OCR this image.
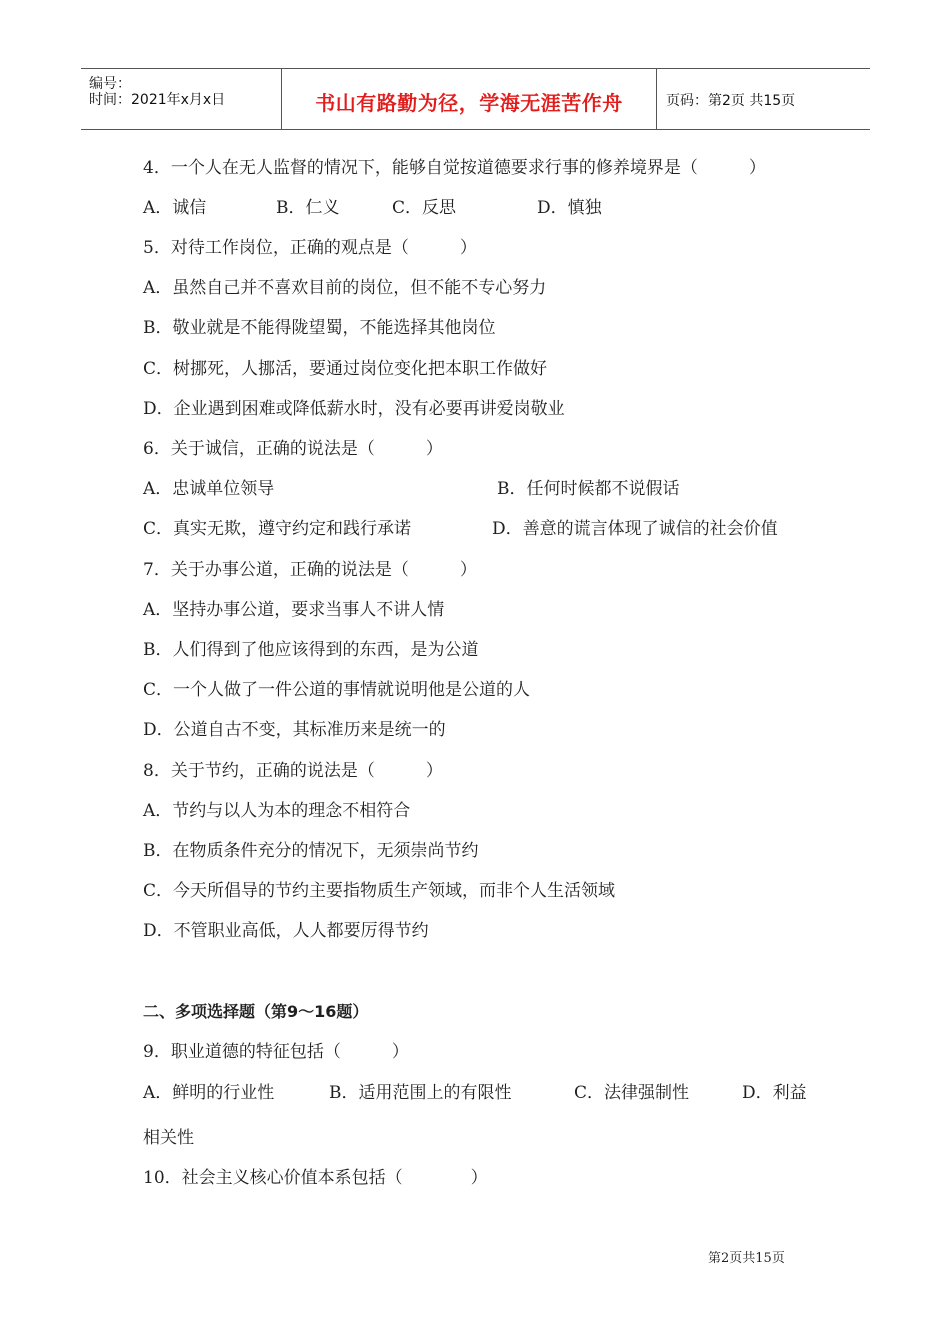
编号：
时间：2021年x月x日	书山有路勤为径，学海无涯苦作舟	页码：第2页 共15页
4．一个人在无人监督的情况下，能够自觉按道德要求行事的修养境界是（　　　）
A．诚信	B．仁义	C．反思	D．慎独
5．对待工作岗位，正确的观点是（　　　）
A．虽然自己并不喜欢目前的岗位，但不能不专心努力
B．敬业就是不能得陇望蜀，不能选择其他岗位
C．树挪死，人挪活，要通过岗位变化把本职工作做好
D．企业遇到困难或降低薪水时，没有必要再讲爱岗敬业
6．关于诚信，正确的说法是（　　　）
A．忠诚单位领导	B．任何时候都不说假话
C．真实无欺，遵守约定和践行承诺	D．善意的谎言体现了诚信的社会价值
7．关于办事公道，正确的说法是（　　　）
A．坚持办事公道，要求当事人不讲人情
B．人们得到了他应该得到的东西，是为公道
C．一个人做了一件公道的事情就说明他是公道的人
D．公道自古不变，其标准历来是统一的
8．关于节约，正确的说法是（　　　）
A．节约与以人为本的理念不相符合
B．在物质条件充分的情况下，无须崇尚节约
C．今天所倡导的节约主要指物质生产领域，而非个人生活领域
D．不管职业高低，人人都要厉得节约
二、多项选择题（第9～16题）
9．职业道德的特征包括（　　　）
A．鲜明的行业性	B．适用范围上的有限性	C．法律强制性	D．利益
相关性
10．社会主义核心价值本系包括（　　　　）
第2页共15页
